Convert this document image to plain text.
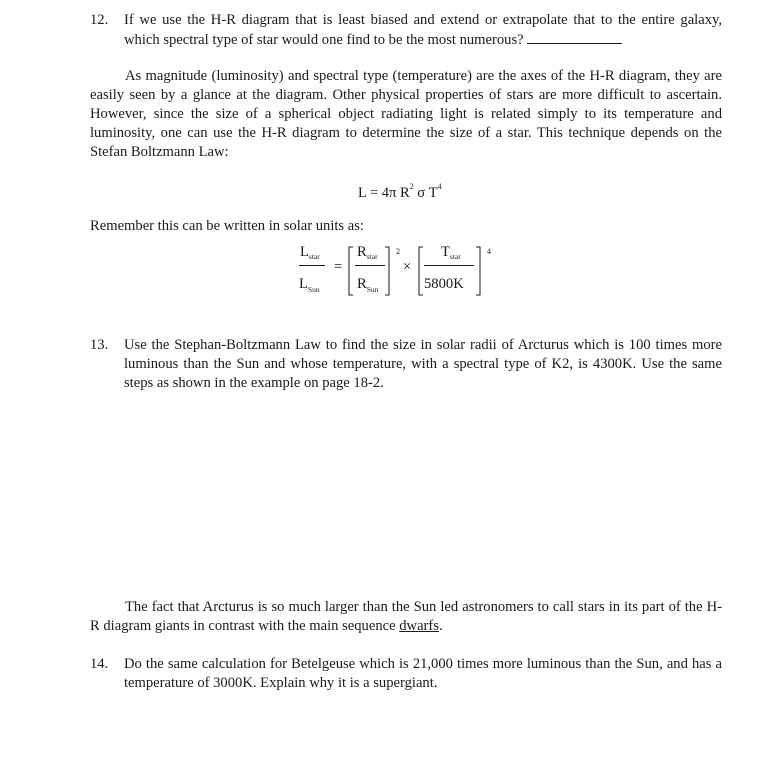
12. If we use the H-R diagram that is least biased and extend or extrapolate that to the entire galaxy, which spectral type of star would one find to be the most numerous?
As magnitude (luminosity) and spectral type (temperature) are the axes of the H-R diagram, they are easily seen by a glance at the diagram. Other physical properties of stars are more difficult to ascertain. However, since the size of a spherical object radiating light is related simply to its temperature and luminosity, one can use the H-R diagram to determine the size of a star. This technique depends on the Stefan Boltzmann Law:
L = 4π $R^2$ σ $T^4$
Remember this can be written in solar units as:
$L_{star}$
$L_{Sun}$
=
$R_{star}$
$R_{Sun}$
2
×
$T_{star}$
5800K
4
13. Use the Stephan-Boltzmann Law to find the size in solar radii of Arcturus which is 100 times more luminous than the Sun and whose temperature, with a spectral type of K2, is 4300K. Use the same steps as shown in the example on page 18-2.
The fact that Arcturus is so much larger than the Sun led astronomers to call stars in its part of the H-R diagram giants in contrast with the main sequence dwarfs.
14. Do the same calculation for Betelgeuse which is 21,000 times more luminous than the Sun, and has a temperature of 3000K. Explain why it is a supergiant.
